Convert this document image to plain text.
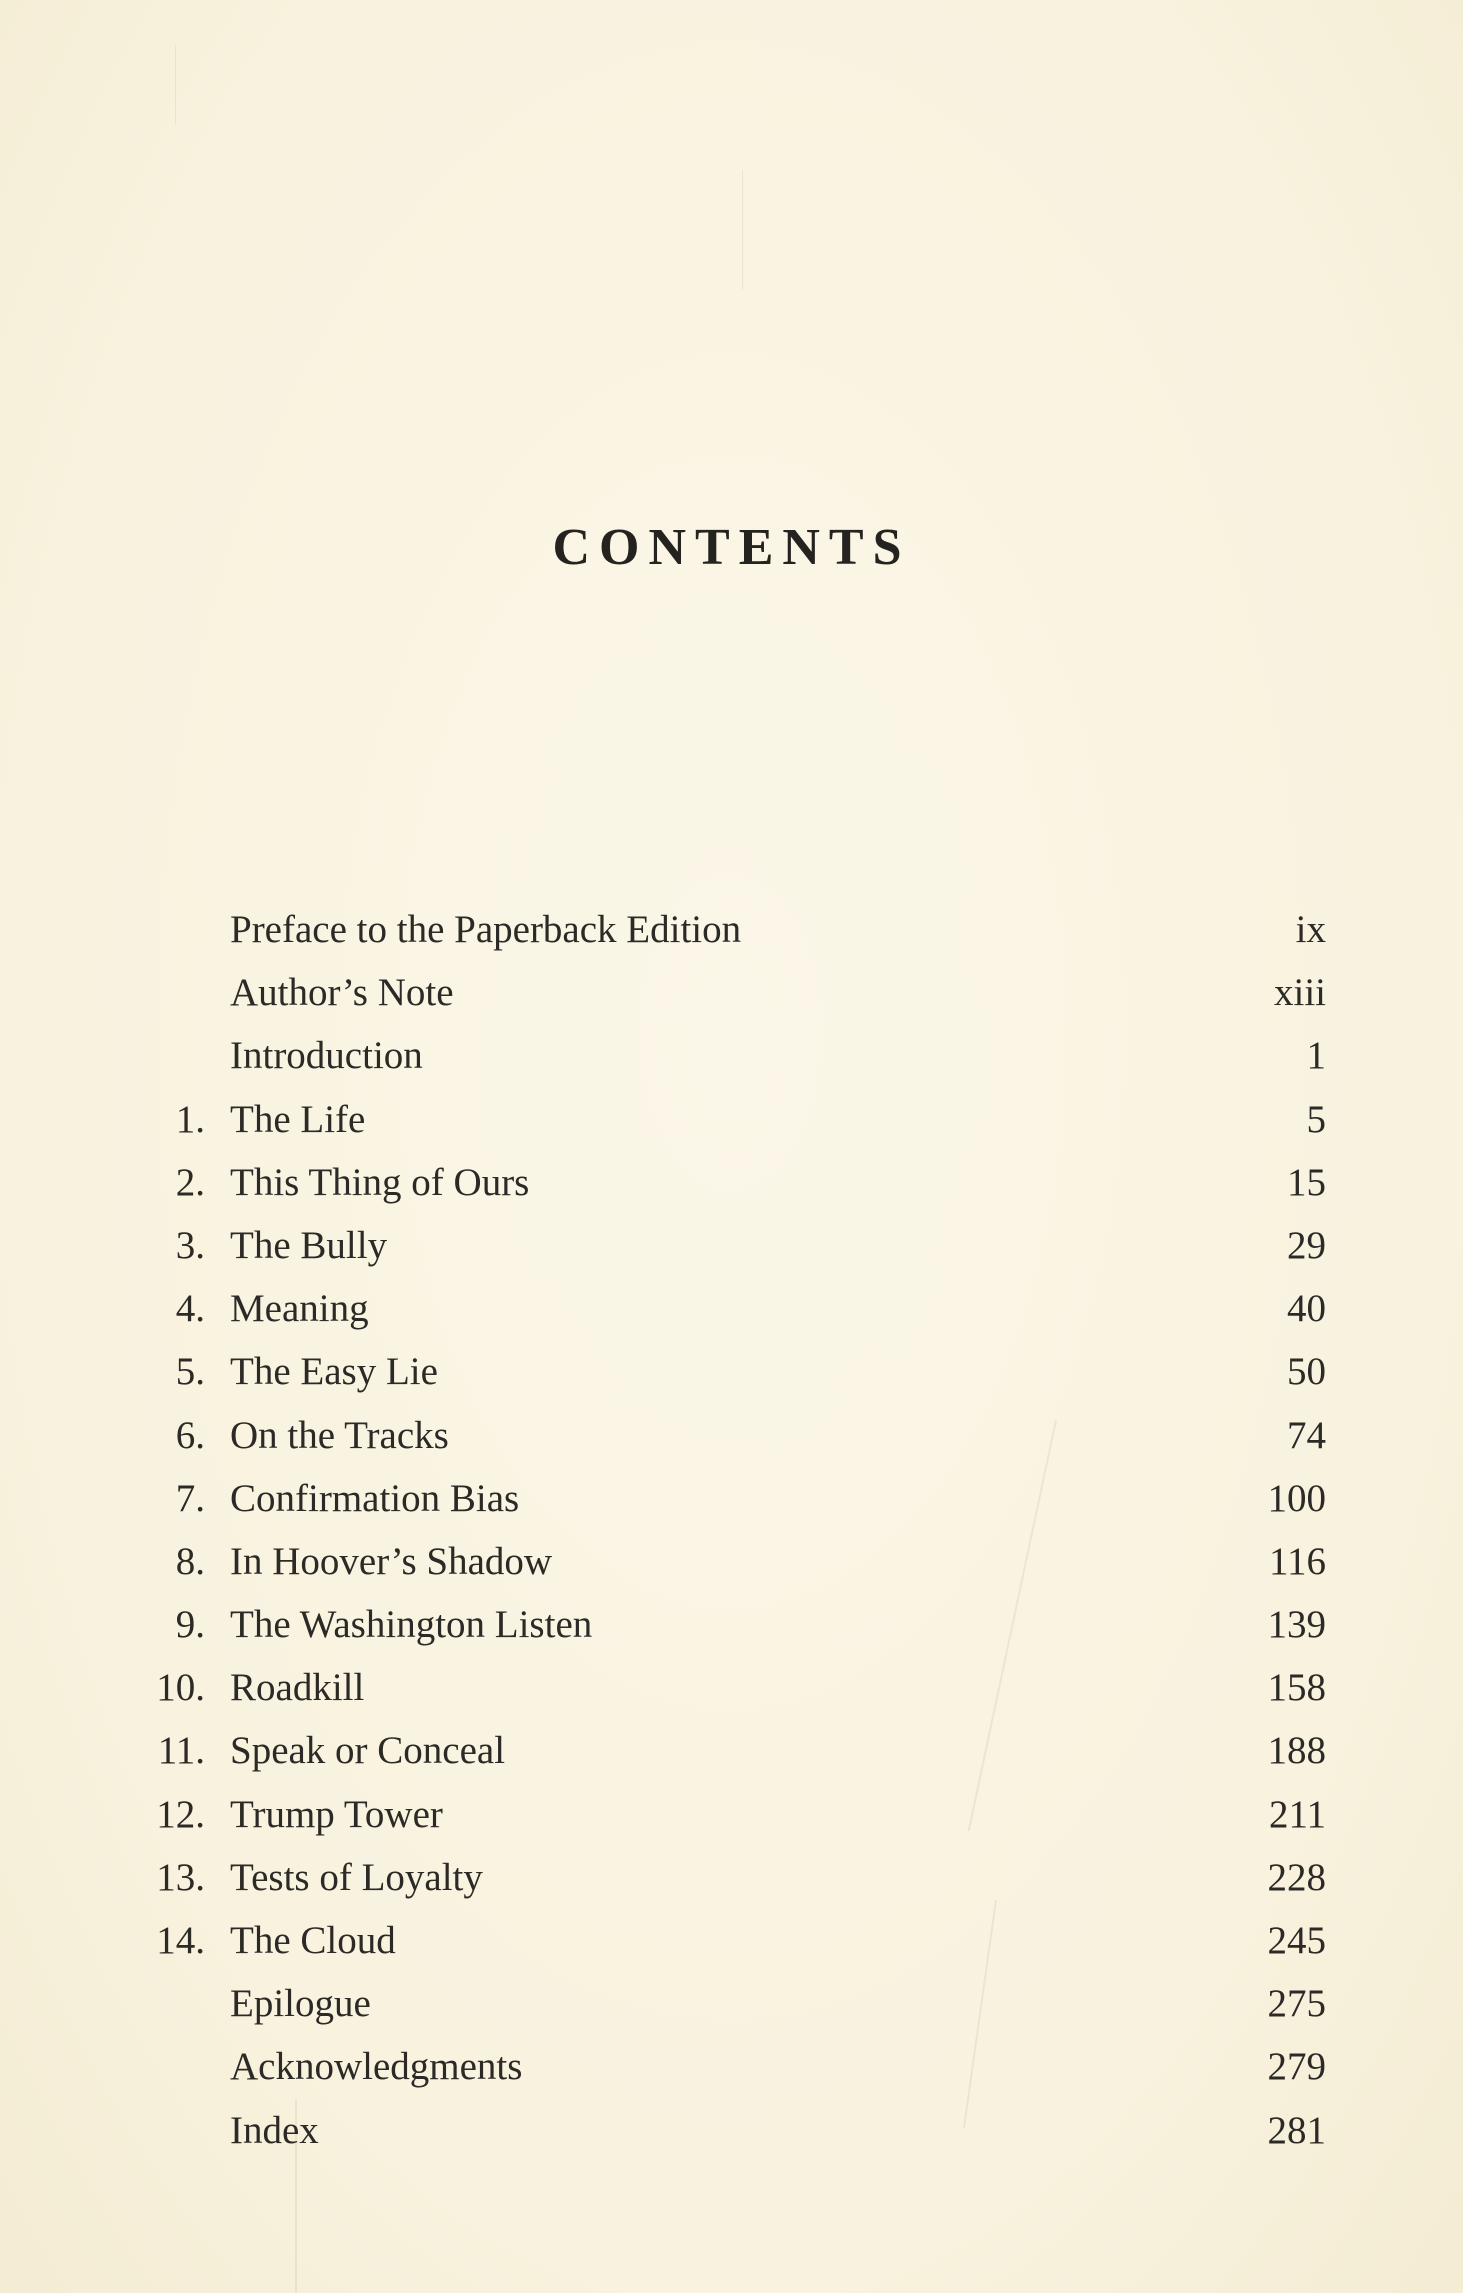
CONTENTS
Preface to the Paperback Edition	ix
Author’s Note	xiii
Introduction	1
1. The Life	5
2. This Thing of Ours	15
3. The Bully	29
4. Meaning	40
5. The Easy Lie	50
6. On the Tracks	74
7. Confirmation Bias	100
8. In Hoover’s Shadow	116
9. The Washington Listen	139
10. Roadkill	158
11. Speak or Conceal	188
12. Trump Tower	211
13. Tests of Loyalty	228
14. The Cloud	245
Epilogue	275
Acknowledgments	279
Index	281
